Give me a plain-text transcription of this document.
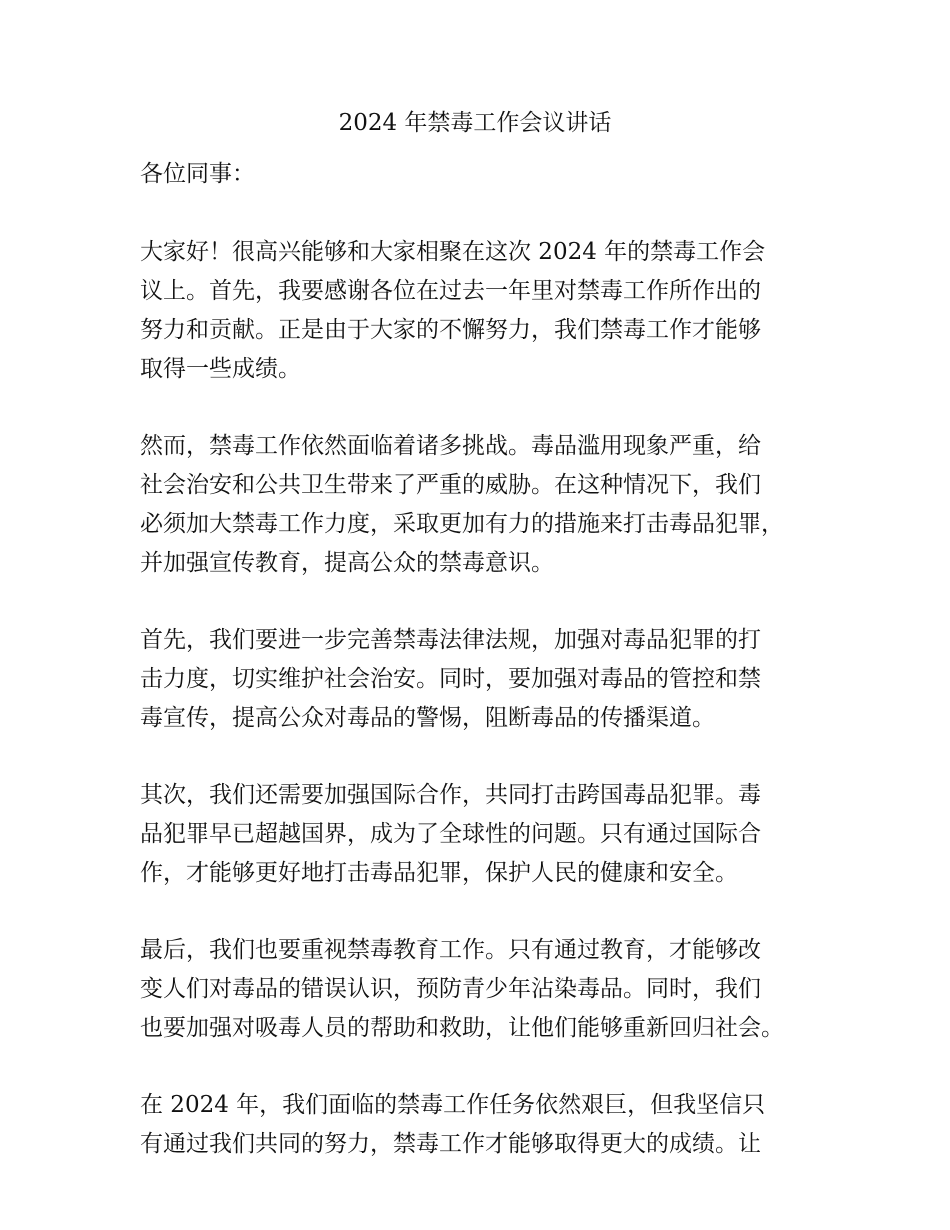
2024 年禁毒工作会议讲话
各位同事：
大家好！很高兴能够和大家相聚在这次 2024 年的禁毒工作会
议上。首先，我要感谢各位在过去一年里对禁毒工作所作出的
努力和贡献。正是由于大家的不懈努力，我们禁毒工作才能够
取得一些成绩。
然而，禁毒工作依然面临着诸多挑战。毒品滥用现象严重，给
社会治安和公共卫生带来了严重的威胁。在这种情况下，我们
必须加大禁毒工作力度，采取更加有力的措施来打击毒品犯罪，
并加强宣传教育，提高公众的禁毒意识。
首先，我们要进一步完善禁毒法律法规，加强对毒品犯罪的打
击力度，切实维护社会治安。同时，要加强对毒品的管控和禁
毒宣传，提高公众对毒品的警惕，阻断毒品的传播渠道。
其次，我们还需要加强国际合作，共同打击跨国毒品犯罪。毒
品犯罪早已超越国界，成为了全球性的问题。只有通过国际合
作，才能够更好地打击毒品犯罪，保护人民的健康和安全。
最后，我们也要重视禁毒教育工作。只有通过教育，才能够改
变人们对毒品的错误认识，预防青少年沾染毒品。同时，我们
也要加强对吸毒人员的帮助和救助，让他们能够重新回归社会。
在 2024 年，我们面临的禁毒工作任务依然艰巨，但我坚信只
有通过我们共同的努力，禁毒工作才能够取得更大的成绩。让
